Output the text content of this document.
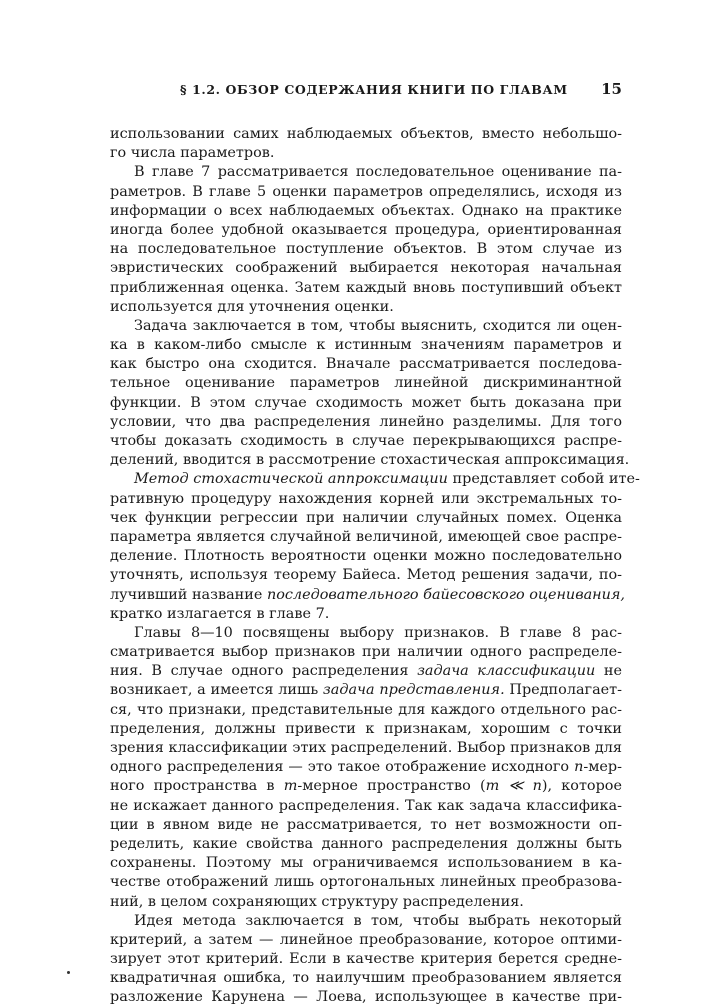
§ 1.2. ОБЗОР СОДЕРЖАНИЯ КНИГИ ПО ГЛАВАМ 15
использовании самих наблюдаемых объектов, вместо небольшо-
го числа параметров.
В главе 7 рассматривается последовательное оценивание па-
раметров. В главе 5 оценки параметров определялись, исходя из
информации о всех наблюдаемых объектах. Однако на практике
иногда более удобной оказывается процедура, ориентированная
на последовательное поступление объектов. В этом случае из
эвристических соображений выбирается некоторая начальная
приближенная оценка. Затем каждый вновь поступивший объект
используется для уточнения оценки.
Задача заключается в том, чтобы выяснить, сходится ли оцен-
ка в каком-либо смысле к истинным значениям параметров и
как быстро она сходится. Вначале рассматривается последова-
тельное оценивание параметров линейной дискриминантной
функции. В этом случае сходимость может быть доказана при
условии, что два распределения линейно разделимы. Для того
чтобы доказать сходимость в случае перекрывающихся распре-
делений, вводится в рассмотрение стохастическая аппроксимация.
Метод стохастической аппроксимации представляет собой ите-
ративную процедуру нахождения корней или экстремальных то-
чек функции регрессии при наличии случайных помех. Оценка
параметра является случайной величиной, имеющей свое распре-
деление. Плотность вероятности оценки можно последовательно
уточнять, используя теорему Байеса. Метод решения задачи, по-
лучивший название последовательного байесовского оценивания,
кратко излагается в главе 7.
Главы 8—10 посвящены выбору признаков. В главе 8 рас-
сматривается выбор признаков при наличии одного распределе-
ния. В случае одного распределения задача классификации не
возникает, а имеется лишь задача представления. Предполагает-
ся, что признаки, представительные для каждого отдельного рас-
пределения, должны привести к признакам, хорошим с точки
зрения классификации этих распределений. Выбор признаков для
одного распределения — это такое отображение исходного n-мер-
ного пространства в m-мерное пространство (m ≪ n), которое
не искажает данного распределения. Так как задача классифика-
ции в явном виде не рассматривается, то нет возможности оп-
ределить, какие свойства данного распределения должны быть
сохранены. Поэтому мы ограничиваемся использованием в ка-
честве отображений лишь ортогональных линейных преобразова-
ний, в целом сохраняющих структуру распределения.
Идея метода заключается в том, чтобы выбрать некоторый
критерий, а затем — линейное преобразование, которое оптими-
зирует этот критерий. Если в качестве критерия берется средне-
квадратичная ошибка, то наилучшим преобразованием является
разложение Карунена — Лоева, использующее в качестве при-
